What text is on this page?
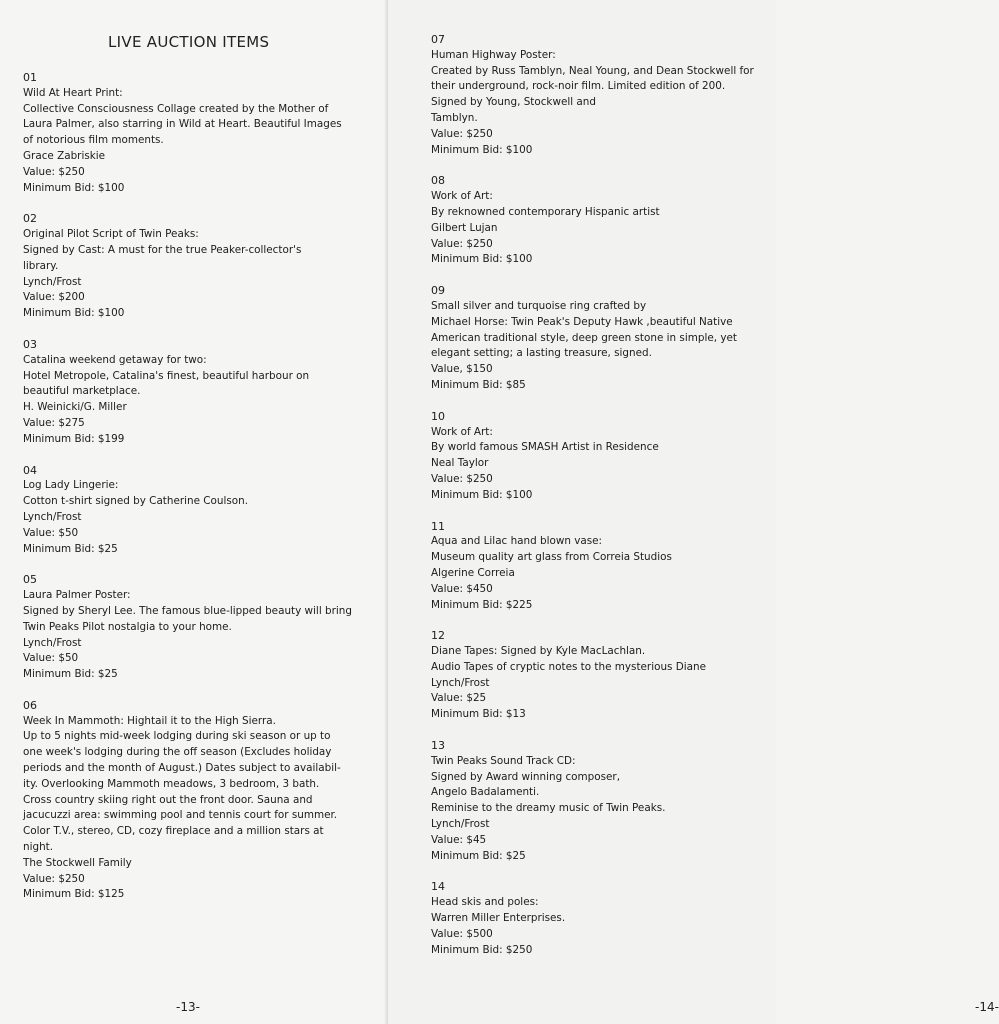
LIVE AUCTION ITEMS
01
Wild At Heart Print:
Collective Consciousness Collage created by the Mother of
Laura Palmer, also starring in Wild at Heart. Beautiful Images
of notorious film moments.
Grace Zabriskie
Value: $250
Minimum Bid: $100
02
Original Pilot Script of Twin Peaks:
Signed by Cast: A must for the true Peaker-collector's
library.
Lynch/Frost
Value: $200
Minimum Bid: $100
03
Catalina weekend getaway for two:
Hotel Metropole, Catalina's finest, beautiful harbour on
beautiful marketplace.
H. Weinicki/G. Miller
Value: $275
Minimum Bid: $199
04
Log Lady Lingerie:
Cotton t-shirt signed by Catherine Coulson.
Lynch/Frost
Value: $50
Minimum Bid: $25
05
Laura Palmer Poster:
Signed by Sheryl Lee. The famous blue-lipped beauty will bring
Twin Peaks Pilot nostalgia to your home.
Lynch/Frost
Value: $50
Minimum Bid: $25
06
Week In Mammoth: Hightail it to the High Sierra.
Up to 5 nights mid-week lodging during ski season or up to
one week's lodging during the off season (Excludes holiday
periods and the month of August.) Dates subject to availabil-
ity. Overlooking Mammoth meadows, 3 bedroom, 3 bath.
Cross country skiing right out the front door. Sauna and
jacucuzzi area: swimming pool and tennis court for summer.
Color T.V., stereo, CD, cozy fireplace and a million stars at
night.
The Stockwell Family
Value: $250
Minimum Bid: $125
-13-	-14-
07
Human Highway Poster:
Created by Russ Tamblyn, Neal Young, and Dean Stockwell for
their underground, rock-noir film. Limited edition of 200.
Signed by Young, Stockwell and
Tamblyn.
Value: $250
Minimum Bid: $100
08
Work of Art:
By reknowned contemporary Hispanic artist
Gilbert Lujan
Value: $250
Minimum Bid: $100
09
Small silver and turquoise ring crafted by
Michael Horse: Twin Peak's Deputy Hawk ,beautiful Native
American traditional style, deep green stone in simple, yet
elegant setting; a lasting treasure, signed.
Value, $150
Minimum Bid: $85
10
Work of Art:
By world famous SMASH Artist in Residence
Neal Taylor
Value: $250
Minimum Bid: $100
11
Aqua and Lilac hand blown vase:
Museum quality art glass from Correia Studios
Algerine Correia
Value: $450
Minimum Bid: $225
12
Diane Tapes: Signed by Kyle MacLachlan.
Audio Tapes of cryptic notes to the mysterious Diane
Lynch/Frost
Value: $25
Minimum Bid: $13
13
Twin Peaks Sound Track CD:
Signed by Award winning composer,
Angelo Badalamenti.
Reminise to the dreamy music of Twin Peaks.
Lynch/Frost
Value: $45
Minimum Bid: $25
14
Head skis and poles:
Warren Miller Enterprises.
Value: $500
Minimum Bid: $250
